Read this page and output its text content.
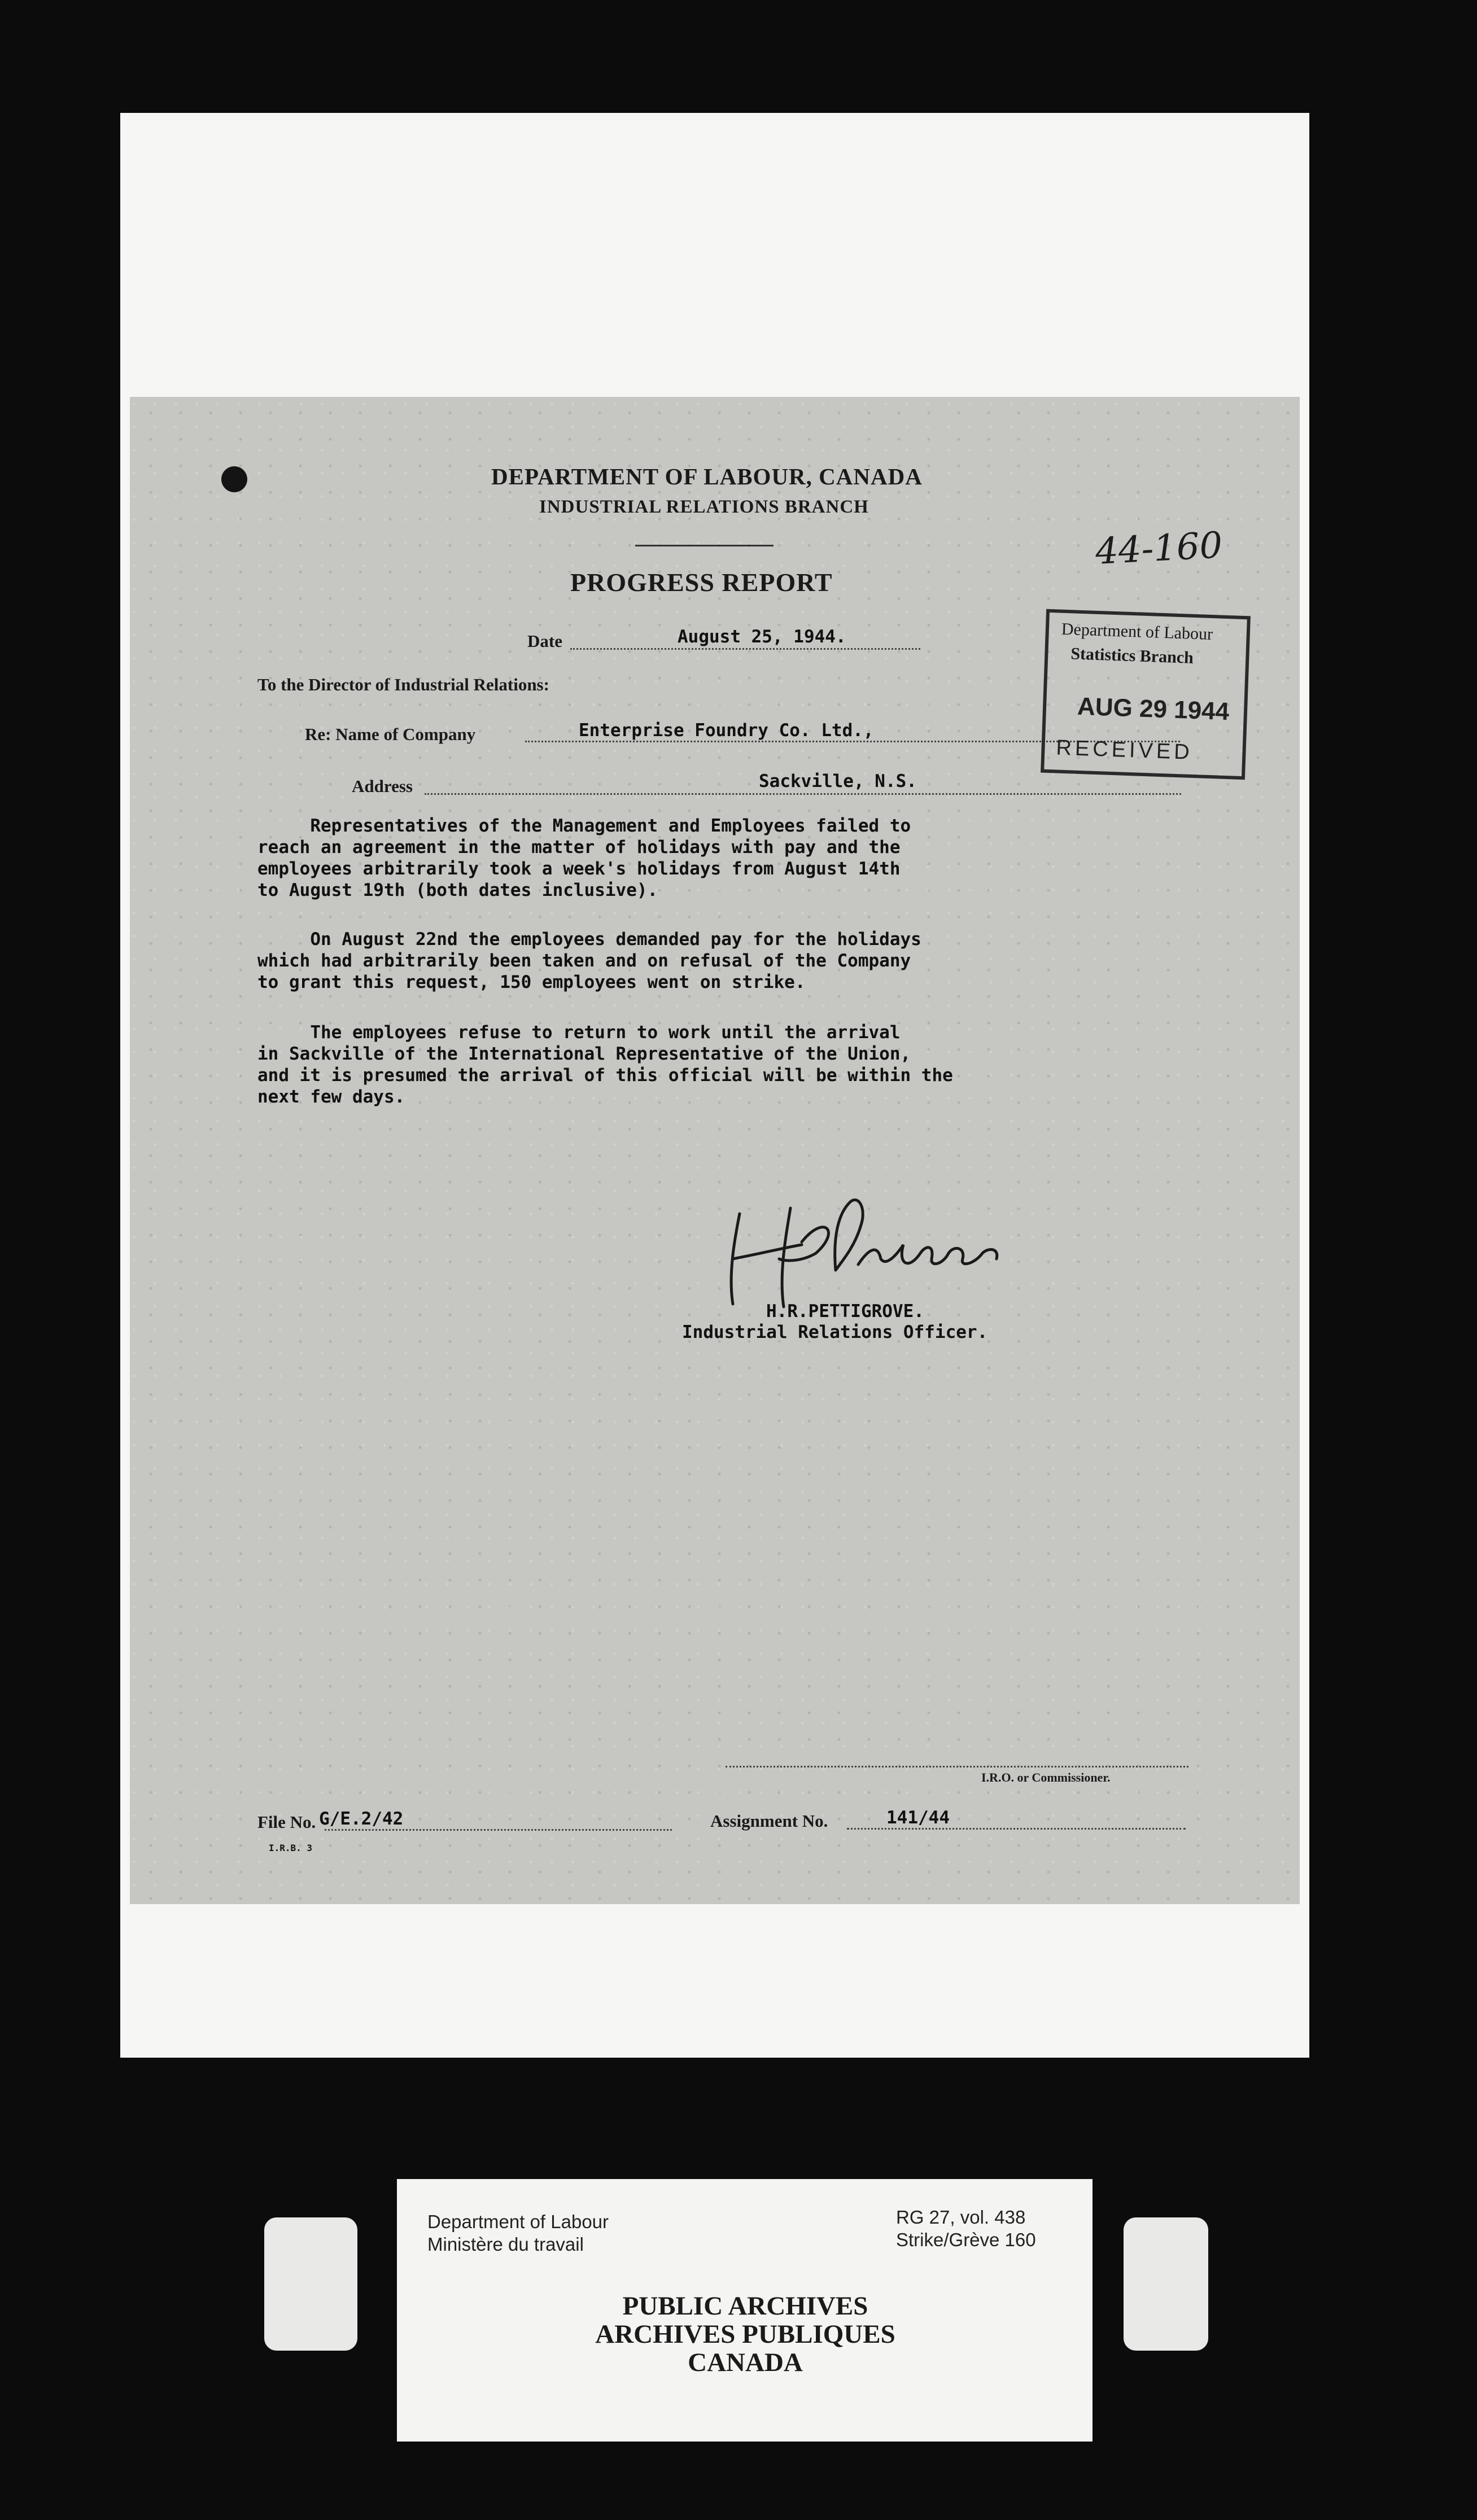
DEPARTMENT OF LABOUR, CANADA
INDUSTRIAL RELATIONS BRANCH
PROGRESS REPORT
44-160
Date	August 25, 1944.
To the Director of Industrial Relations:
Re: Name of Company	Enterprise Foundry Co. Ltd.,
Address	Sackville, N.S.
Department of Labour
Statistics Branch
AUG 29 1944
RECEIVED
Representatives of the Management and Employees failed to
reach an agreement in the matter of holidays with pay and the
employees arbitrarily took a week's holidays from August 14th
to August 19th (both dates inclusive).
On August 22nd the employees demanded pay for the holidays
which had arbitrarily been taken and on refusal of the Company
to grant this request, 150 employees went on strike.
The employees refuse to return to work until the arrival
in Sackville of the International Representative of the Union,
and it is presumed the arrival of this official will be within the
next few days.
H.R.PETTIGROVE.
Industrial Relations Officer.
I.R.O. or Commissioner.
File No. G/E.2/42	Assignment No.	141/44
I.R.B. 3
Department of Labour
Ministère du travail
RG 27, vol. 438
Strike/Grève 160
PUBLIC ARCHIVES
ARCHIVES PUBLIQUES
CANADA
